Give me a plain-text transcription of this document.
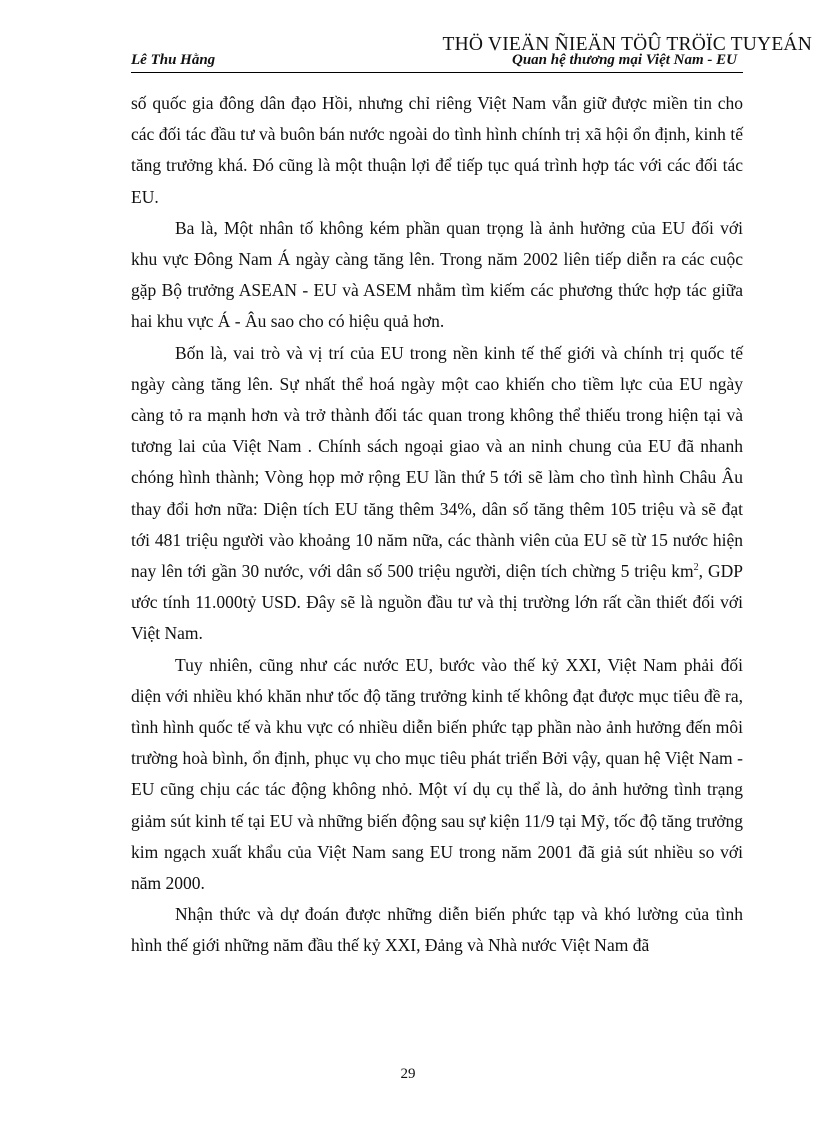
THÖ VIEÄN ÑIEÄN TÖÛ TRÖÏC TUYEÁN
Lê Thu Hằng	Quan hệ thương mại Việt Nam - EU

số quốc gia đông dân đạo Hồi, nhưng chỉ riêng Việt Nam vẫn giữ được miền tin cho các đối tác đầu tư và buôn bán nước ngoài do tình hình chính trị xã hội ổn định, kinh tế tăng trưởng khá. Đó cũng là một thuận lợi để tiếp tục quá trình hợp tác với các đối tác EU.

Ba là, Một nhân tố không kém phần quan trọng là ảnh hưởng của EU đối với khu vực Đông Nam Á ngày càng tăng lên. Trong năm 2002 liên tiếp diễn ra các cuộc gặp Bộ trưởng ASEAN - EU và ASEM nhằm tìm kiếm các phương thức hợp tác giữa hai khu vực Á - Âu sao cho có hiệu quả hơn.

Bốn là, vai trò và vị trí của EU trong nền kinh tế thế giới và chính trị quốc tế ngày càng tăng lên. Sự nhất thể hoá ngày một cao khiến cho tiềm lực của EU ngày càng tỏ ra mạnh hơn và trở thành đối tác quan trong không thể thiếu trong hiện tại và tương lai của Việt Nam . Chính sách ngoại giao và an ninh chung của EU đã nhanh chóng hình thành; Vòng họp mở rộng EU lần thứ 5 tới sẽ làm cho tình hình Châu Âu thay đổi hơn nữa: Diện tích EU tăng thêm 34%, dân số tăng thêm 105 triệu và sẽ đạt tới 481 triệu người vào khoảng 10 năm nữa, các thành viên của EU sẽ từ 15 nước hiện nay lên tới gần 30 nước, với dân số 500 triệu người, diện tích chừng 5 triệu $km^2$, GDP ước tính 11.000tỷ USD. Đây sẽ là nguồn đầu tư và thị trường lớn rất cần thiết đối với Việt Nam.

Tuy nhiên, cũng như các nước EU, bước vào thế kỷ XXI, Việt Nam phải đối diện với nhiều khó khăn như tốc độ tăng trưởng kinh tế không đạt được mục tiêu đề ra, tình hình quốc tế và khu vực có nhiều diễn biến phức tạp phần nào ảnh hưởng đến môi trường hoà bình, ổn định, phục vụ cho mục tiêu phát triển Bởi vậy, quan hệ Việt Nam - EU cũng chịu các tác động không nhỏ. Một ví dụ cụ thể là, do ảnh hưởng tình trạng giảm sút kinh tế tại EU và những biến động sau sự kiện 11/9 tại Mỹ, tốc độ tăng trưởng kim ngạch xuất khẩu của Việt Nam sang EU trong năm 2001 đã giả sút nhiều so với năm 2000.

Nhận thức và dự đoán được những diễn biến phức tạp và khó lường của tình hình thế giới những năm đầu thế kỷ XXI, Đảng và Nhà nước Việt Nam đã

29
